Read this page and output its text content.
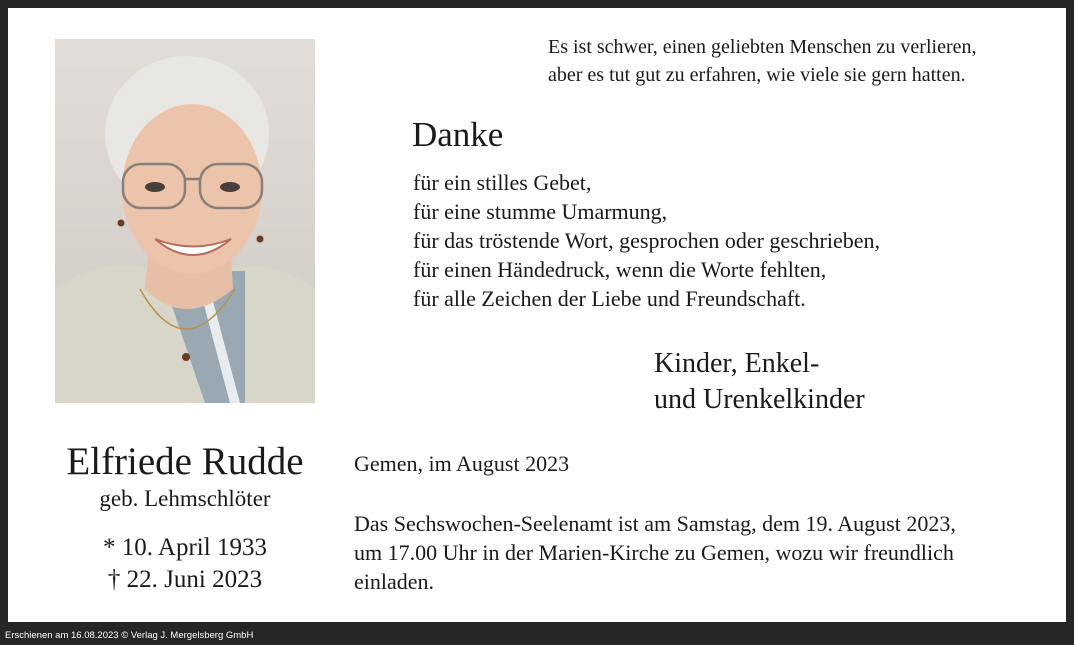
Es ist schwer, einen geliebten Menschen zu verlieren,
aber es tut gut zu erfahren, wie viele sie gern hatten.
Danke
für ein stilles Gebet,
für eine stumme Umarmung,
für das tröstende Wort, gesprochen oder geschrieben,
für einen Händedruck, wenn die Worte fehlten,
für alle Zeichen der Liebe und Freundschaft.
Kinder, Enkel-
und Urenkelkinder
Elfriede Rudde
geb. Lehmschlöter
* 10. April 1933
† 22. Juni 2023
Gemen, im August 2023
Das Sechswochen-Seelenamt ist am Samstag, dem 19. August 2023,
um 17.00 Uhr in der Marien-Kirche zu Gemen, wozu wir freundlich
einladen.
Erschienen am 16.08.2023 © Verlag J. Mergelsberg GmbH
